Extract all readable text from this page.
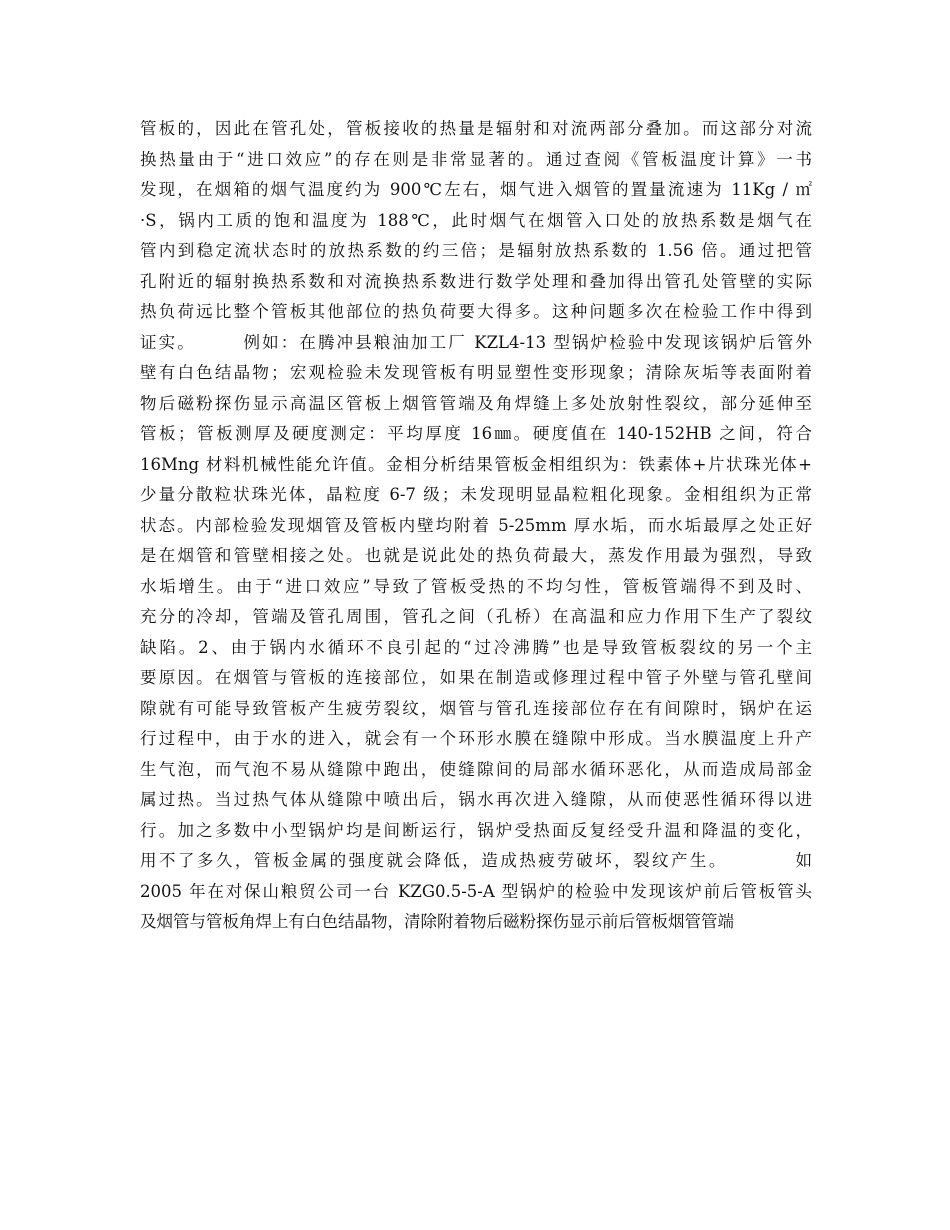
管板的，因此在管孔处，管板接收的热量是辐射和对流两部分叠加。而这部分对流
换热量由于“进口效应”的存在则是非常显著的。通过查阅《管板温度计算》一书
发现，在烟箱的烟气温度约为 900℃左右，烟气进入烟管的置量流速为 11Kg / ㎡
·S，锅内工质的饱和温度为 188℃，此时烟气在烟管入口处的放热系数是烟气在
管内到稳定流状态时的放热系数的约三倍；是辐射放热系数的 1.56 倍。通过把管
孔附近的辐射换热系数和对流换热系数进行数学处理和叠加得出管孔处管壁的实际
热负荷远比整个管板其他部位的热负荷要大得多。这种问题多次在检验工作中得到
证实。　　　例如：在腾冲县粮油加工厂 KZL4-13 型锅炉检验中发现该锅炉后管外
壁有白色结晶物；宏观检验未发现管板有明显塑性变形现象；清除灰垢等表面附着
物后磁粉探伤显示高温区管板上烟管管端及角焊缝上多处放射性裂纹，部分延伸至
管板；管板测厚及硬度测定：平均厚度 16㎜。硬度值在 140-152HB 之间，符合
16Mng 材料机械性能允许值。金相分析结果管板金相组织为：铁素体+片状珠光体+
少量分散粒状珠光体，晶粒度 6-7 级；未发现明显晶粒粗化现象。金相组织为正常
状态。内部检验发现烟管及管板内壁均附着 5-25mm 厚水垢，而水垢最厚之处正好
是在烟管和管壁相接之处。也就是说此处的热负荷最大，蒸发作用最为强烈，导致
水垢增生。由于“进口效应”导致了管板受热的不均匀性，管板管端得不到及时、
充分的冷却，管端及管孔周围，管孔之间（孔桥）在高温和应力作用下生产了裂纹
缺陷。2、由于锅内水循环不良引起的“过冷沸腾”也是导致管板裂纹的另一个主
要原因。在烟管与管板的连接部位，如果在制造或修理过程中管子外壁与管孔壁间
隙就有可能导致管板产生疲劳裂纹，烟管与管孔连接部位存在有间隙时，锅炉在运
行过程中，由于水的进入，就会有一个环形水膜在缝隙中形成。当水膜温度上升产
生气泡，而气泡不易从缝隙中跑出，使缝隙间的局部水循环恶化，从而造成局部金
属过热。当过热气体从缝隙中喷出后，锅水再次进入缝隙，从而使恶性循环得以进
行。加之多数中小型锅炉均是间断运行，锅炉受热面反复经受升温和降温的变化，
用不了多久，管板金属的强度就会降低，造成热疲劳破坏，裂纹产生。　　　　如
2005 年在对保山粮贸公司一台 KZG0.5-5-A 型锅炉的检验中发现该炉前后管板管头
及烟管与管板角焊上有白色结晶物，清除附着物后磁粉探伤显示前后管板烟管管端
